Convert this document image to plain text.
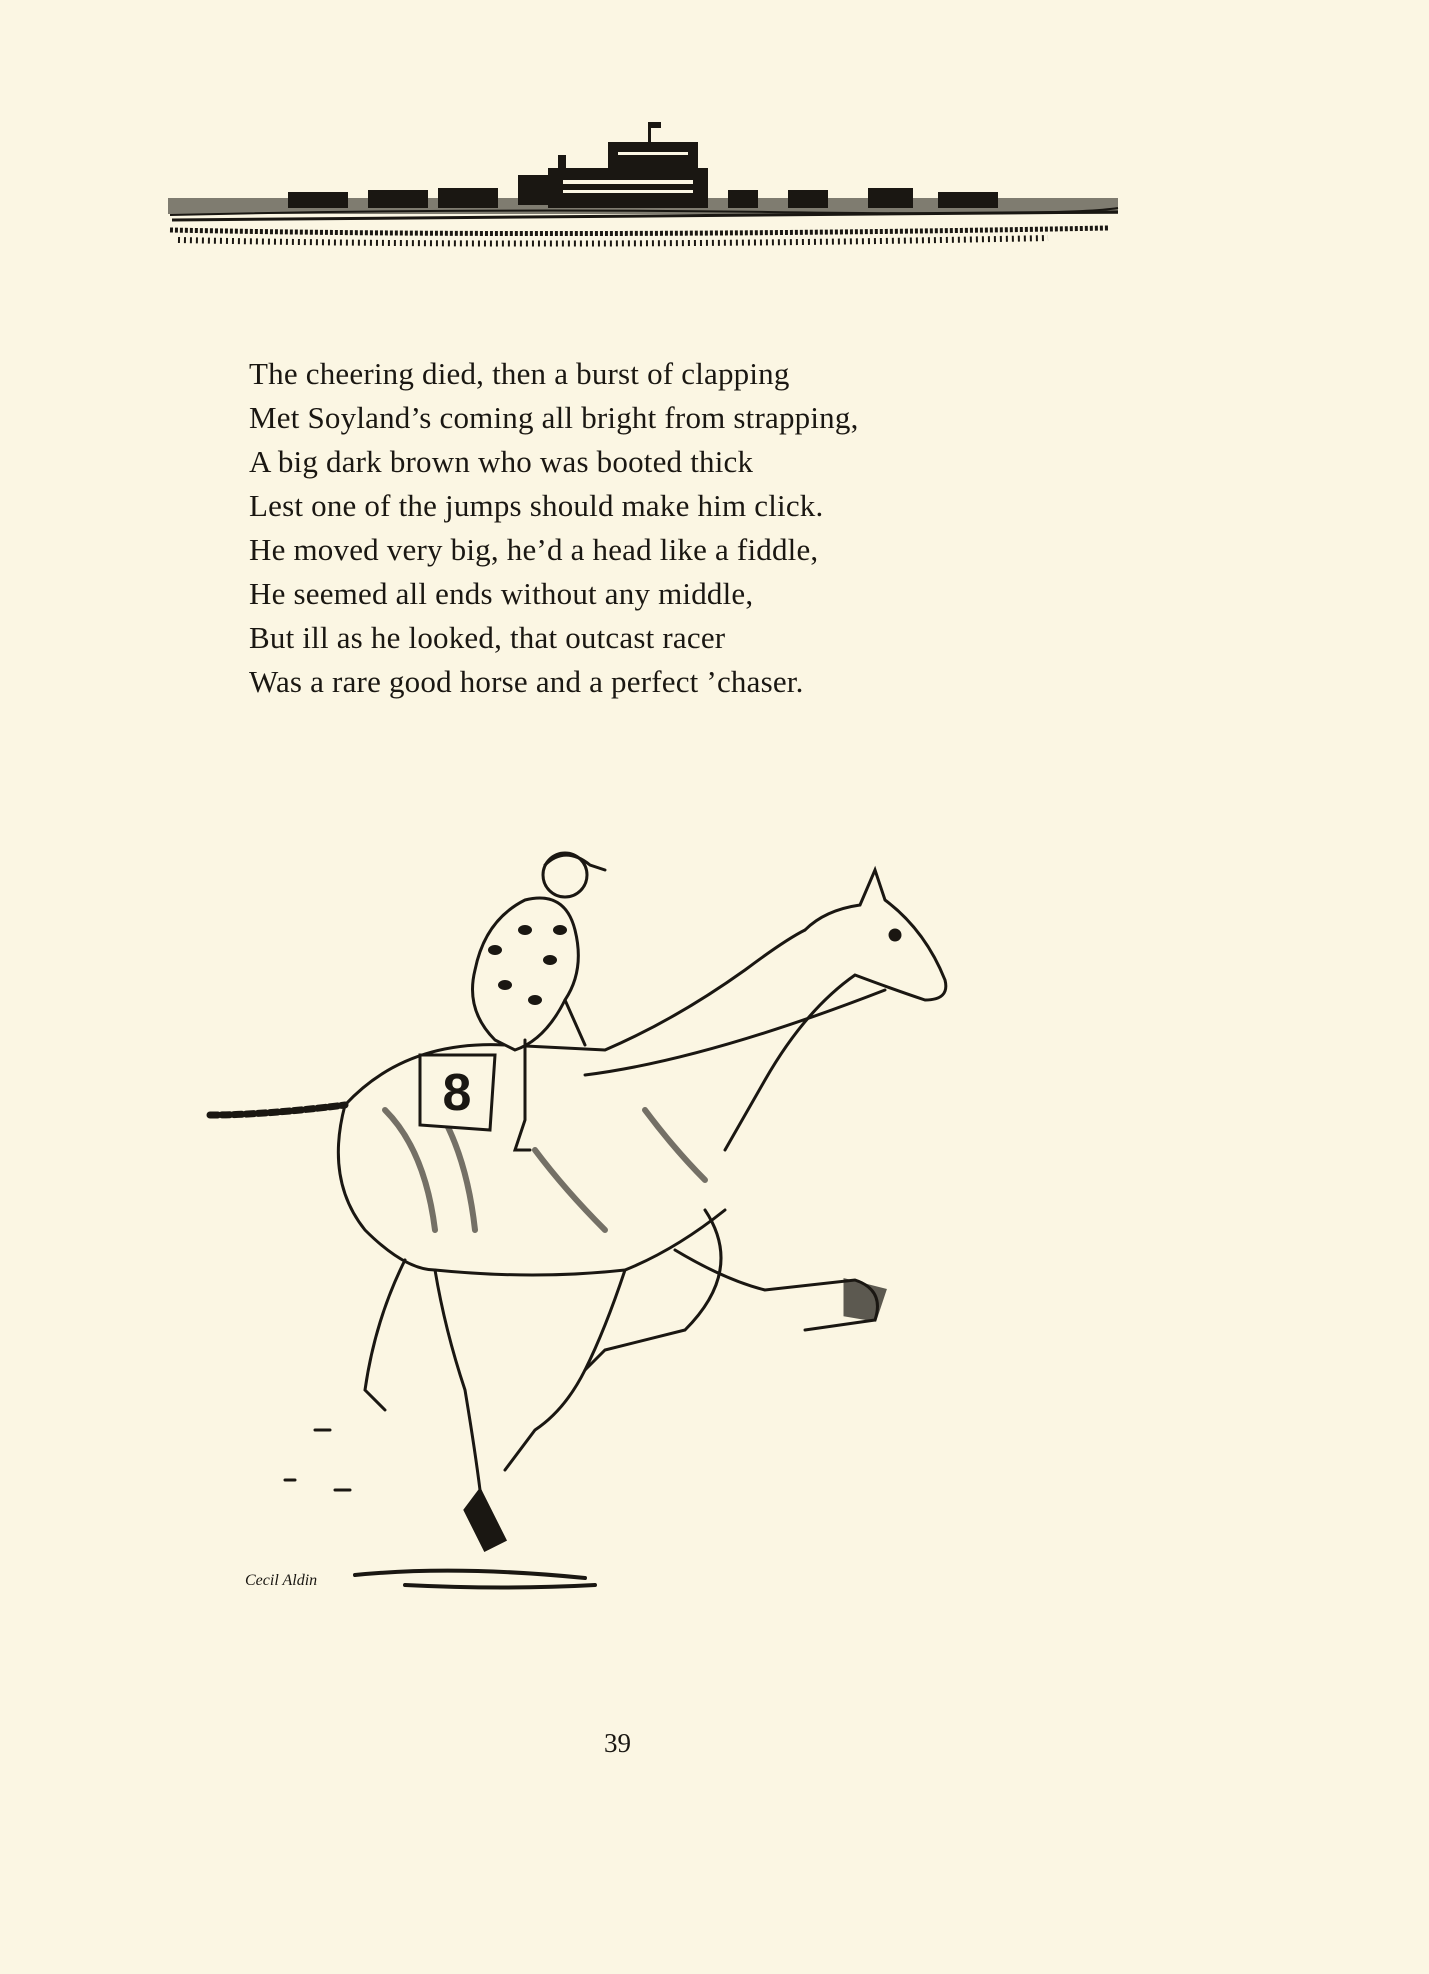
The cheering died, then a burst of clapping
Met Soyland’s coming all bright from strapping,
A big dark brown who was booted thick
Lest one of the jumps should make him click.
He moved very big, he’d a head like a fiddle,
He seemed all ends without any middle,
But ill as he looked, that outcast racer
Was a rare good horse and a perfect ’chaser.
8
Cecil Aldin
39
